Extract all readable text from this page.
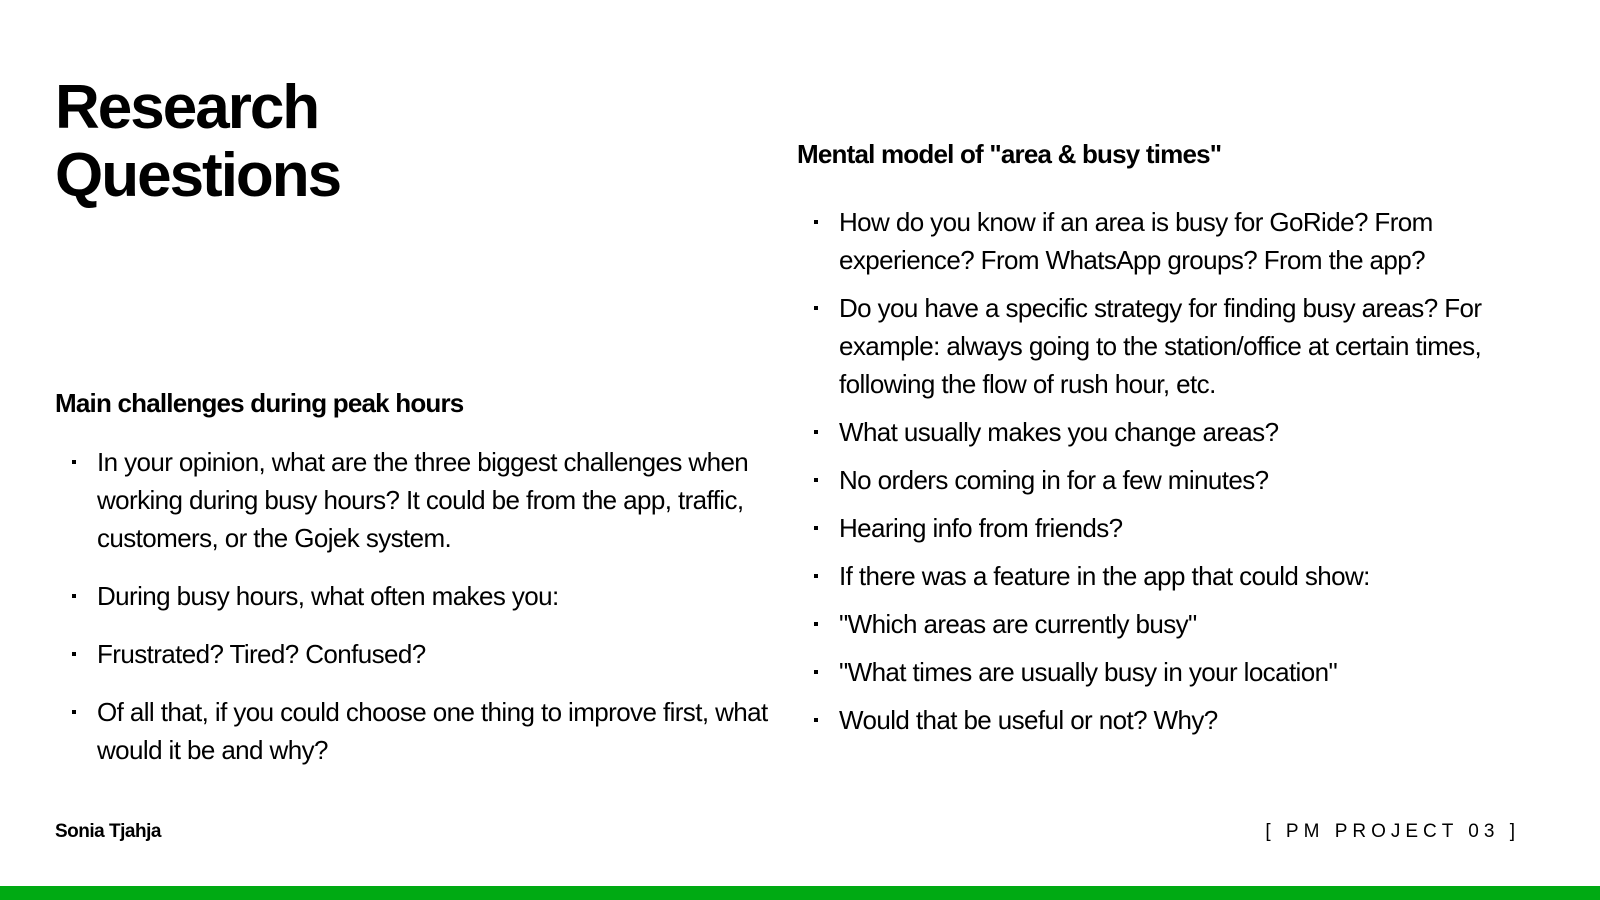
Research
Questions
Main challenges during peak hours
In your opinion, what are the three biggest challenges when working during busy hours? It could be from the app, traffic, customers, or the Gojek system.
During busy hours, what often makes you:
Frustrated? Tired? Confused?
Of all that, if you could choose one thing to improve first, what would it be and why?
Mental model of "area & busy times"
How do you know if an area is busy for GoRide? From experience? From WhatsApp groups? From the app?
Do you have a specific strategy for finding busy areas? For example: always going to the station/office at certain times, following the flow of rush hour, etc.
What usually makes you change areas?
No orders coming in for a few minutes?
Hearing info from friends?
If there was a feature in the app that could show:
"Which areas are currently busy"
"What times are usually busy in your location"
Would that be useful or not? Why?
Sonia Tjahja	[ PM PROJECT 03 ]
